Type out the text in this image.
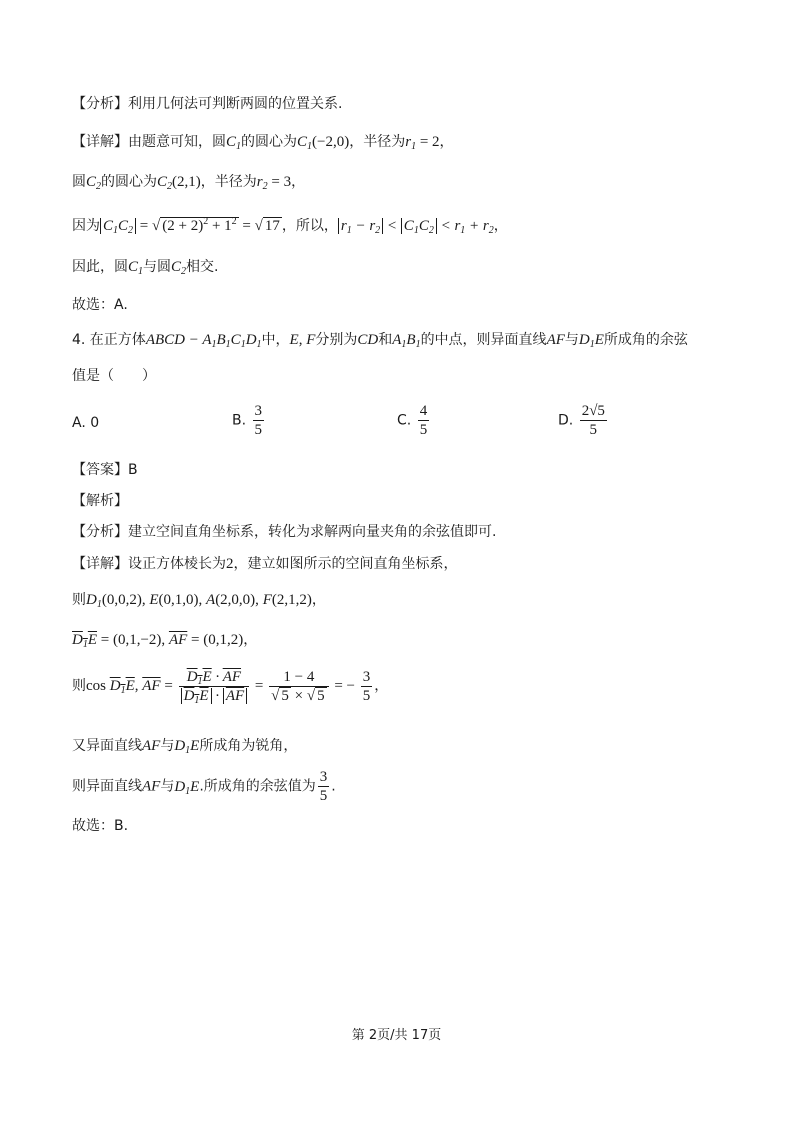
【分析】利用几何法可判断两圆的位置关系.
【详解】由题意可知，圆$C_1$的圆心为$C_1(-2,0)$，半径为$r_1 = 2$，
圆$C_2$的圆心为$C_2(2,1)$，半径为$r_2 = 3$，
因为 $C_1C_2$ = √ $(2 + 2)^2 + 1^2$ = √ 17 ，所以， $r_1 - r_2 < C_1C_2 < r_1 + r_2$，
因此，圆$C_1$与圆$C_2$相交.
故选：A.
4. 在正方体ABCD − $A_1B_1C_1D_1$中，E, F分别为CD和$A_1B_1$的中点，则异面直线AF与$D_1E$所成角的余弦
值是（　　）
A. 0	B. $\frac{3}{5}$	C. $\frac{4}{5}$	D. $\frac{2√5}{5}$
【答案】B
【解析】
【分析】建立空间直角坐标系，转化为求解两向量夹角的余弦值即可.
【详解】设正方体棱长为2，建立如图所示的空间直角坐标系，
则$D_1(0,0,2)$, E(0,1,0), A(2,0,0), F(2,1,2)，
$D_1E = (0,1,-2)$, $\overline{AF} = (0,1,2)$，
则$\cos D_1E$, $\overline{AF} = \frac{D_1E \cdot \overline{AF}}{D_1E \cdot \overline{AF}} = \frac{1 - 4}{√ 5 \times √ 5}$ = − $\frac{3}{5}$ ，
又异面直线AF与$D_1E$所成角为锐角，
则异面直线AF与$D_1E$.所成角的余弦值为 $\frac{3}{5}$ .
故选：B.
第 2页/共 17页
